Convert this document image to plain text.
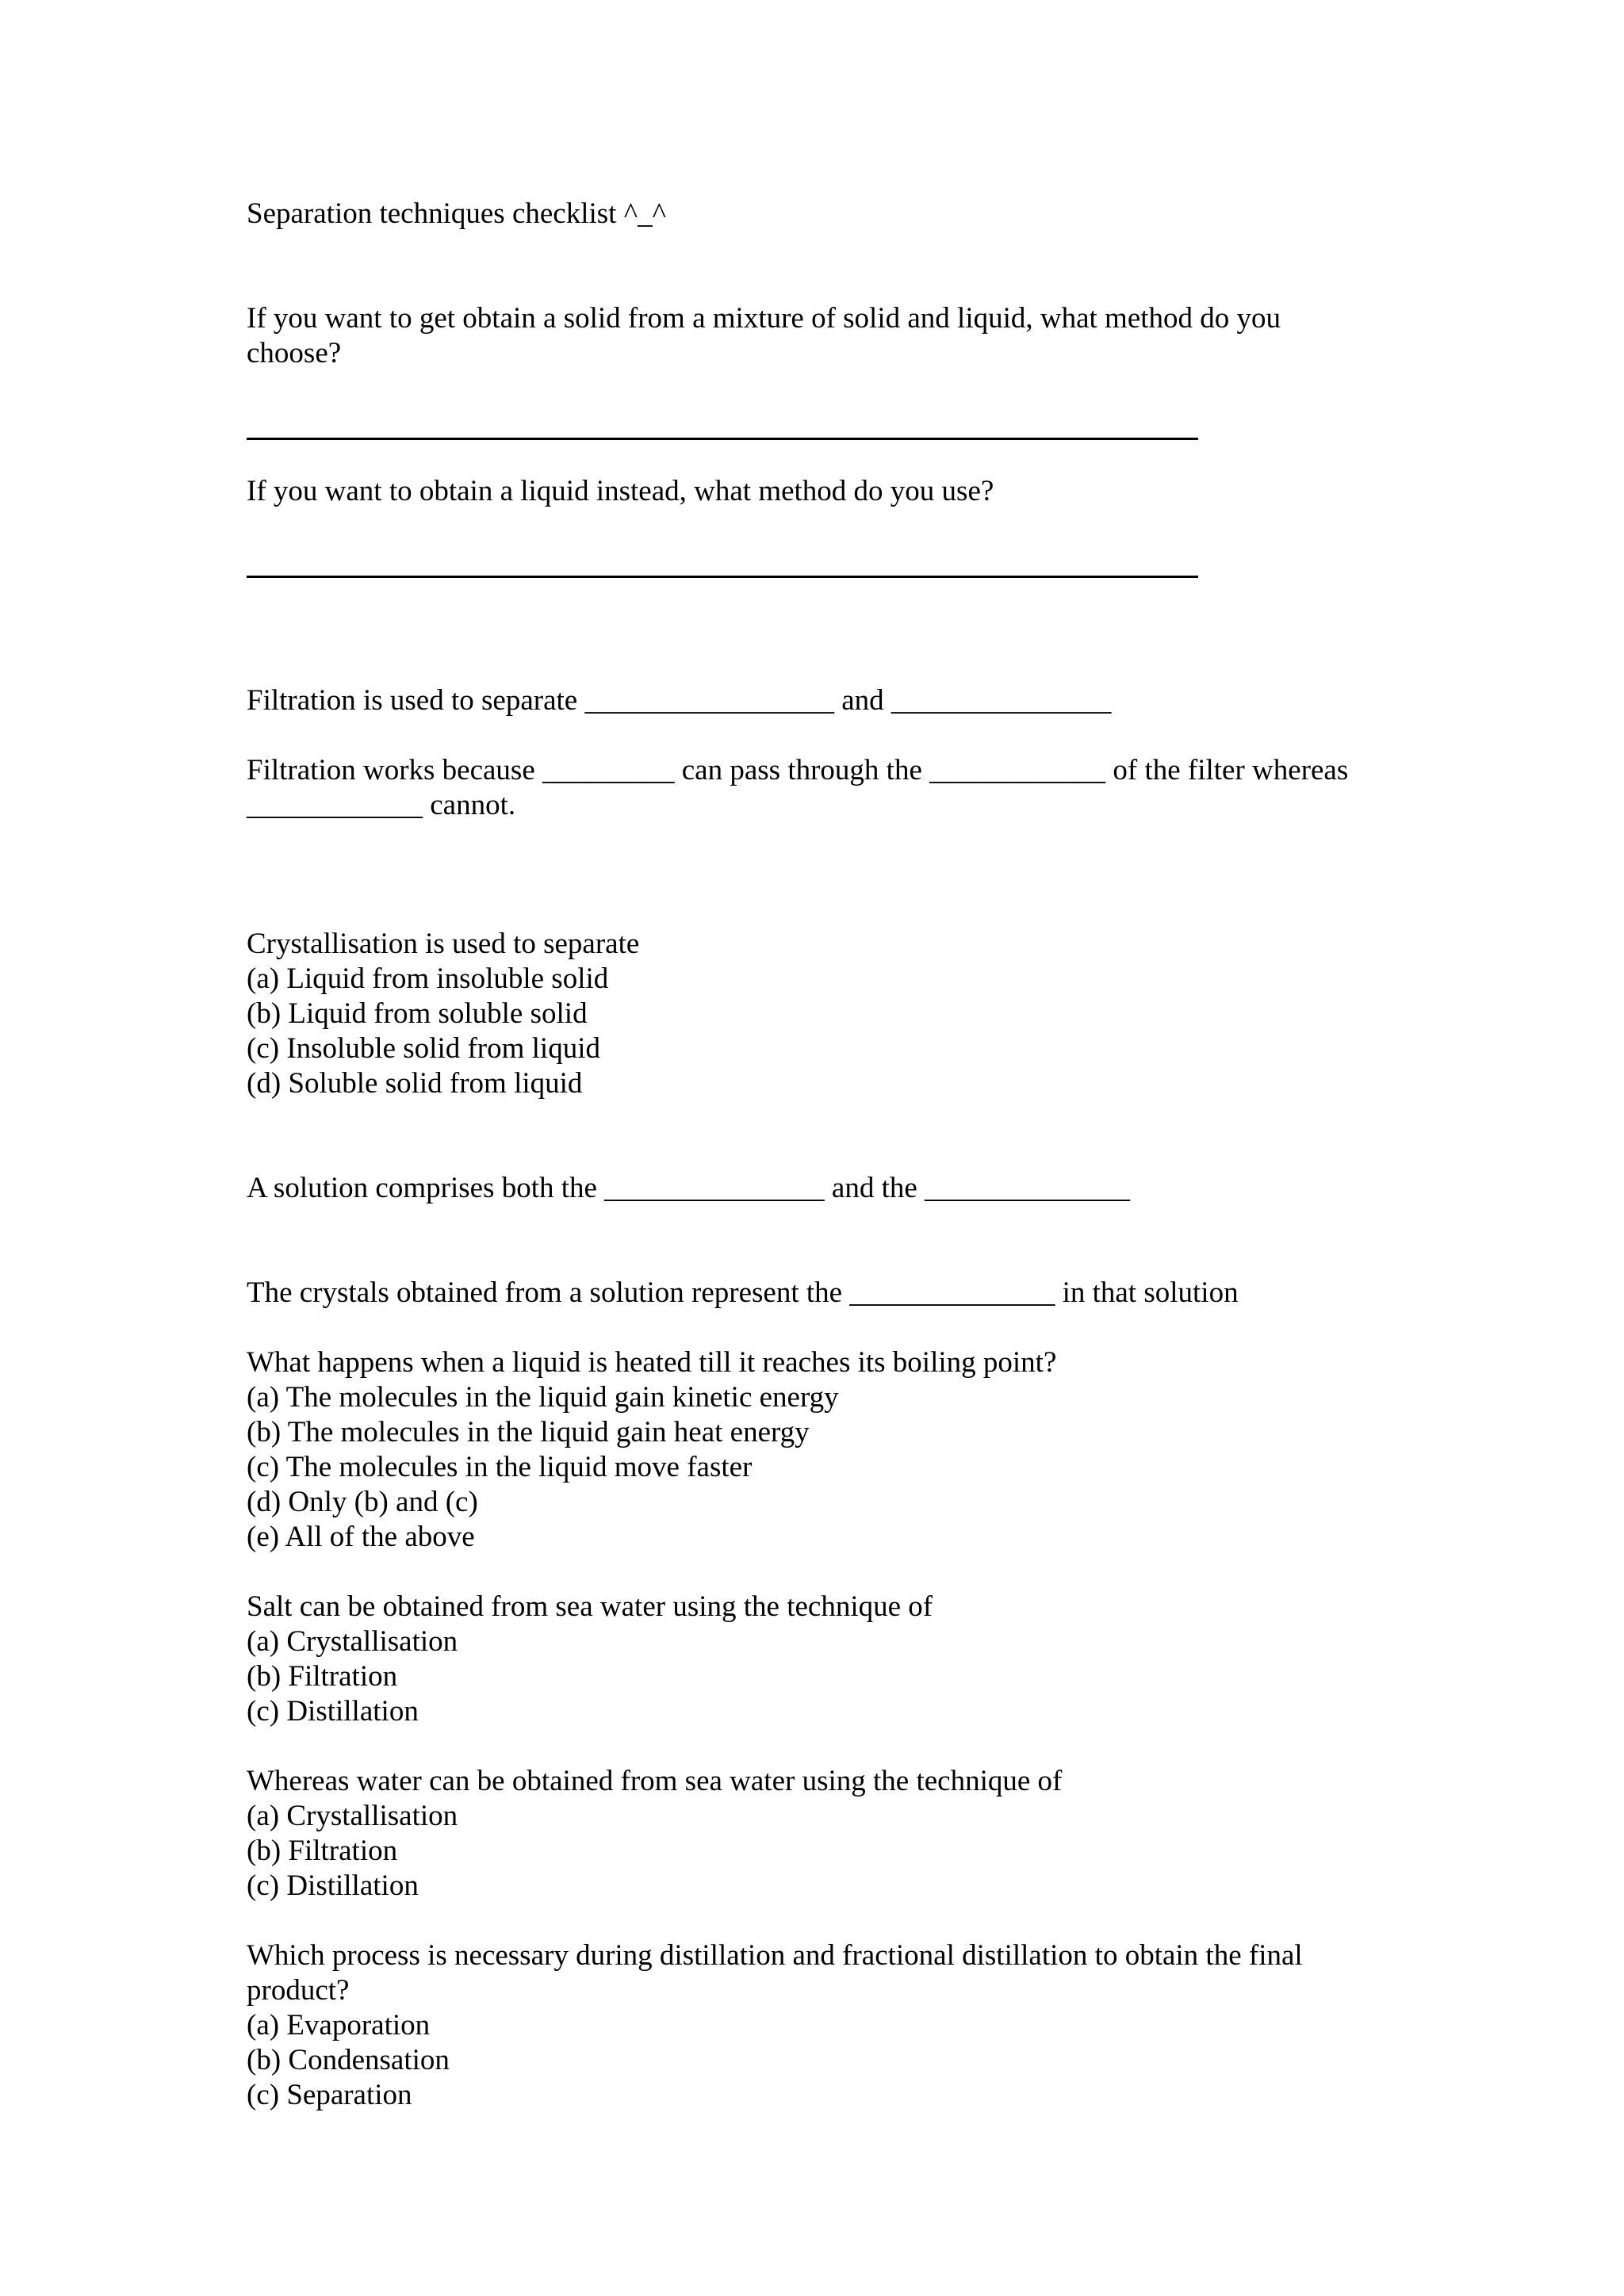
Separation techniques checklist ^_^
If you want to get obtain a solid from a mixture of solid and liquid, what method do you
choose?
If you want to obtain a liquid instead, what method do you use?
Filtration is used to separate _________________ and _______________
Filtration works because _________ can pass through the ____________ of the filter whereas
____________ cannot.
Crystallisation is used to separate
(a) Liquid from insoluble solid
(b) Liquid from soluble solid
(c) Insoluble solid from liquid
(d) Soluble solid from liquid
A solution comprises both the _______________ and the ______________
The crystals obtained from a solution represent the ______________ in that solution
What happens when a liquid is heated till it reaches its boiling point?
(a) The molecules in the liquid gain kinetic energy
(b) The molecules in the liquid gain heat energy
(c) The molecules in the liquid move faster
(d) Only (b) and (c)
(e) All of the above
Salt can be obtained from sea water using the technique of
(a) Crystallisation
(b) Filtration
(c) Distillation
Whereas water can be obtained from sea water using the technique of
(a) Crystallisation
(b) Filtration
(c) Distillation
Which process is necessary during distillation and fractional distillation to obtain the final
product?
(a) Evaporation
(b) Condensation
(c) Separation
